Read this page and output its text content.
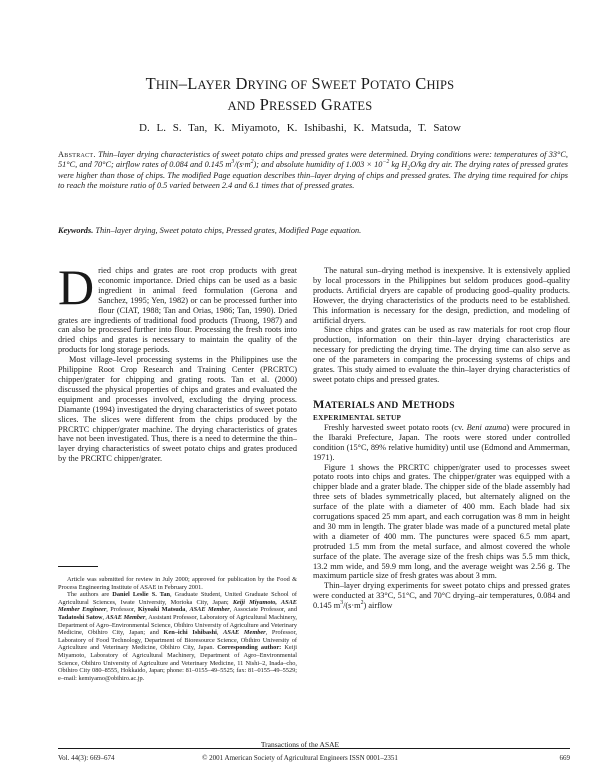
THIN–LAYER DRYING OF SWEET POTATO CHIPS
AND PRESSED GRATES
D. L. S. Tan, K. Miyamoto, K. Ishibashi, K. Matsuda, T. Satow
Abstract. Thin–layer drying characteristics of sweet potato chips and pressed grates were determined. Drying conditions were: temperatures of 33°C, 51°C, and 70°C; airflow rates of 0.084 and 0.145 $m^3/(s\cdot m^2)$; and absolute humidity of $1.003 \times 10^{-2}$ kg $H_2O/kg$ dry air. The drying rates of pressed grates were higher than those of chips. The modified Page equation describes thin–layer drying of chips and pressed grates. The drying time required for chips to reach the moisture ratio of 0.5 varied between 2.4 and 6.1 times that of pressed grates.
Keywords. Thin–layer drying, Sweet potato chips, Pressed grates, Modified Page equation.

Dried chips and grates are root crop products with great economic importance. Dried chips can be used as a basic ingredient in animal feed formulation (Gerona and Sanchez, 1995; Yen, 1982) or can be processed further into flour (CIAT, 1988; Tan and Orias, 1986; Tan, 1990). Dried grates are ingredients of traditional food products (Truong, 1987) and can also be processed further into flour. Processing the fresh roots into dried chips and grates is necessary to maintain the quality of the products for long storage periods.

Most village–level processing systems in the Philippines use the Philippine Root Crop Research and Training Center (PRCRTC) chipper/grater for chipping and grating roots. Tan et al. (2000) discussed the physical properties of chips and grates and evaluated the equipment and processes involved, excluding the drying process. Diamante (1994) investigated the drying characteristics of sweet potato slices. The slices were different from the chips produced by the PRCRTC chipper/grater machine. The drying characteristics of grates have not been investigated. Thus, there is a need to determine the thin–layer drying characteristics of sweet potato chips and grates produced by the PRCRTC chipper/grater.

Article was submitted for review in July 2000; approved for publication by the Food & Process Engineering Institute of ASAE in February 2001.

The authors are Daniel Leslie S. Tan, Graduate Student, United Graduate School of Agricultural Sciences, Iwate University, Morioka City, Japan; Keiji Miyamoto, ASAE Member Engineer, Professor, Kiyoaki Matsuda, ASAE Member, Associate Professor, and Tadatoshi Satow, ASAE Member, Assistant Professor, Laboratory of Agricultural Machinery, Department of Agro–Environmental Science, Obihiro University of Agriculture and Veterinary Medicine, Obihiro City, Japan; and Ken–ichi Ishibashi, ASAE Member, Professor, Laboratory of Food Technology, Department of Bioresource Science, Obihiro University of Agriculture and Veterinary Medicine, Obihiro City, Japan. Corresponding author: Keiji Miyamoto, Laboratory of Agricultural Machinery, Department of Agro–Environmental Science, Obihiro University of Agriculture and Veterinary Medicine, 11 Nishi–2, Inada–cho, Obihiro City 080–8555, Hokkaido, Japan; phone: 81–0155–49–5525; fax: 81–0155–49–5529; e–mail: kemiyamo@obihiro.ac.jp.

The natural sun–drying method is inexpensive. It is extensively applied by local processors in the Philippines but seldom produces good–quality products. Artificial dryers are capable of producing good–quality products. However, the drying characteristics of the products need to be established. This information is necessary for the design, prediction, and modeling of artificial dryers.

Since chips and grates can be used as raw materials for root crop flour production, information on their thin–layer drying characteristics are necessary for predicting the drying time. The drying time can also serve as one of the parameters in comparing the processing systems of chips and grates. This study aimed to evaluate the thin–layer drying characteristics of sweet potato chips and pressed grates.

MATERIALS AND METHODS
EXPERIMENTAL SETUP

Freshly harvested sweet potato roots (cv. Beni azuma) were procured in the Ibaraki Prefecture, Japan. The roots were stored under controlled condition (15°C, 89% relative humidity) until use (Edmond and Ammerman, 1971).

Figure 1 shows the PRCRTC chipper/grater used to processes sweet potato roots into chips and grates. The chipper/grater was equipped with a chipper blade and a grater blade. The chipper side of the blade assembly had three sets of blades symmetrically placed, but alternately aligned on the surface of the plate with a diameter of 400 mm. Each blade had six corrugations spaced 25 mm apart, and each corrugation was 8 mm in height and 30 mm in length. The grater blade was made of a punctured metal plate with a diameter of 400 mm. The punctures were spaced 6.5 mm apart, protruded 1.5 mm from the metal surface, and almost covered the whole surface of the plate. The average size of the fresh chips was 5.5 mm thick, 13.2 mm wide, and 59.9 mm long, and the average weight was 2.56 g. The maximum particle size of fresh grates was about 3 mm.

Thin–layer drying experiments for sweet potato chips and pressed grates were conducted at 33°C, 51°C, and 70°C drying–air temperatures, 0.084 and 0.145 $m^3/(s\cdot m^2)$ airflow

Transactions of the ASAE
Vol. 44(3): 669–674	© 2001 American Society of Agricultural Engineers ISSN 0001–2351	669
